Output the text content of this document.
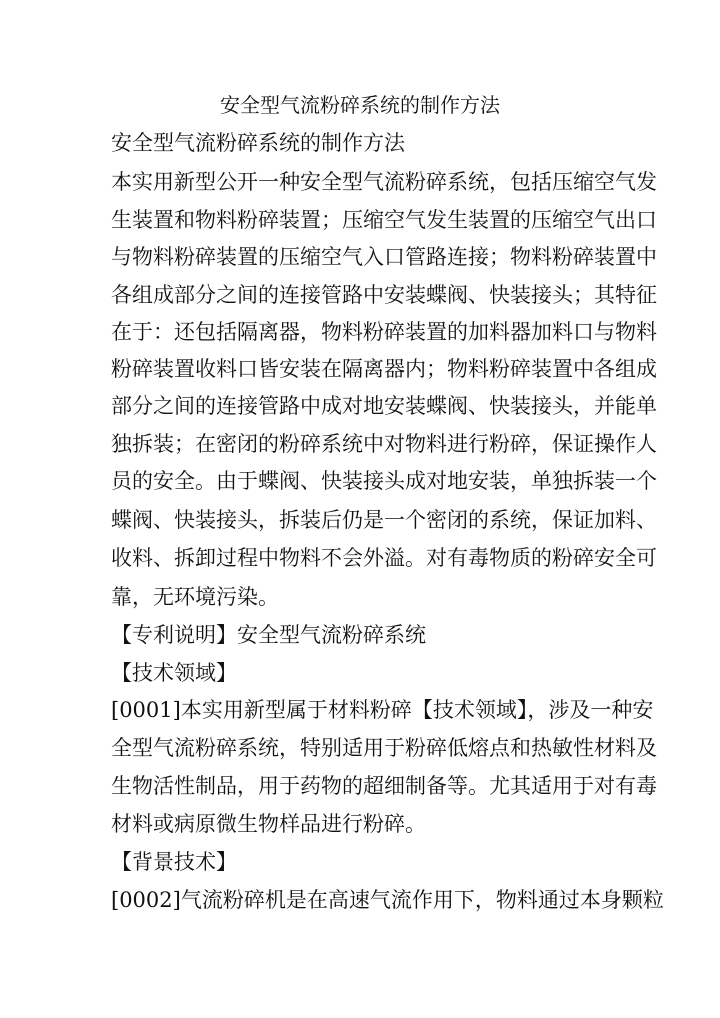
安全型气流粉碎系统的制作方法
安全型气流粉碎系统的制作方法
本实用新型公开一种安全型气流粉碎系统，包括压缩空气发
生装置和物料粉碎装置；压缩空气发生装置的压缩空气出口
与物料粉碎装置的压缩空气入口管路连接；物料粉碎装置中
各组成部分之间的连接管路中安装蝶阀、快装接头；其特征
在于：还包括隔离器，物料粉碎装置的加料器加料口与物料
粉碎装置收料口皆安装在隔离器内；物料粉碎装置中各组成
部分之间的连接管路中成对地安装蝶阀、快装接头，并能单
独拆装；在密闭的粉碎系统中对物料进行粉碎，保证操作人
员的安全。由于蝶阀、快装接头成对地安装，单独拆装一个
蝶阀、快装接头，拆装后仍是一个密闭的系统，保证加料、
收料、拆卸过程中物料不会外溢。对有毒物质的粉碎安全可
靠，无环境污染。
【专利说明】安全型气流粉碎系统
【技术领域】
[0001]本实用新型属于材料粉碎【技术领域】，涉及一种安
全型气流粉碎系统，特别适用于粉碎低熔点和热敏性材料及
生物活性制品，用于药物的超细制备等。尤其适用于对有毒
材料或病原微生物样品进行粉碎。
【背景技术】
[0002]气流粉碎机是在高速气流作用下，物料通过本身颗粒
